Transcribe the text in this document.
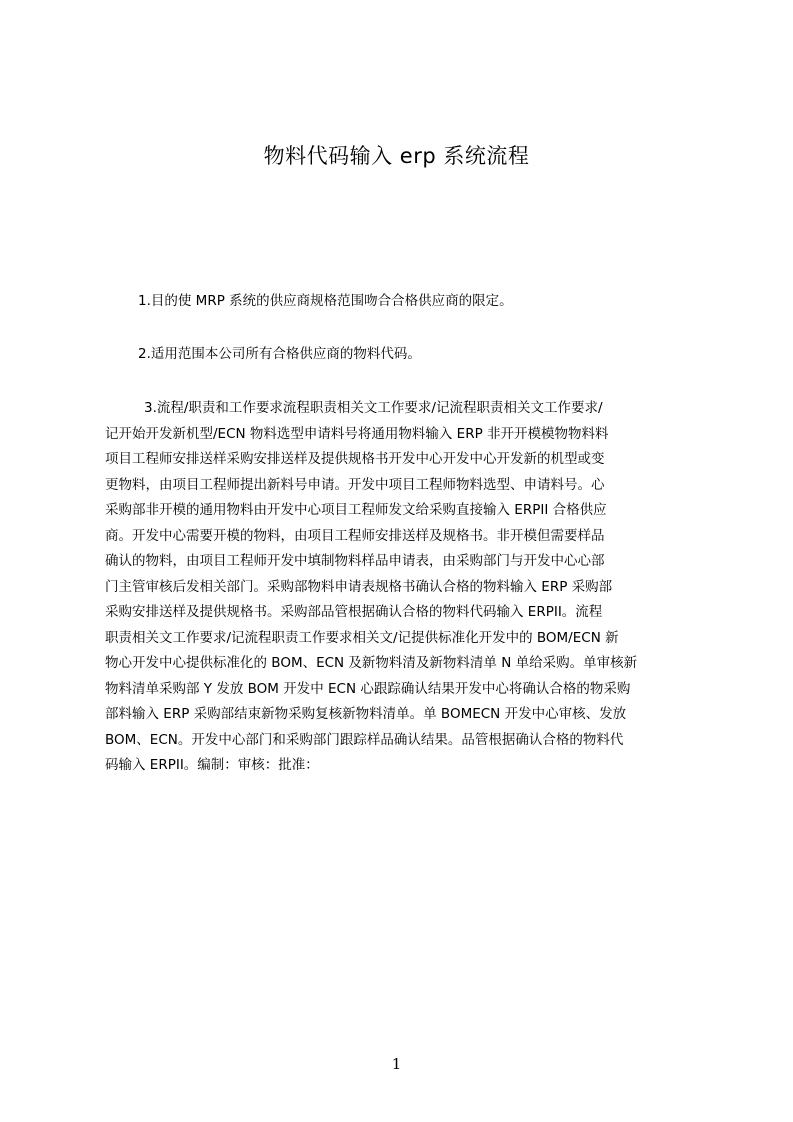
物料代码输入 erp 系统流程
1.目的使 MRP 系统的供应商规格范围吻合合格供应商的限定。
2.适用范围本公司所有合格供应商的物料代码。
3.流程/职责和工作要求流程职责相关文工作要求/记流程职责相关文工作要求/
记开始开发新机型/ECN 物料选型申请料号将通用物料输入 ERP 非开开模模物物料料
项目工程师安排送样采购安排送样及提供规格书开发中心开发中心开发新的机型或变
更物料，由项目工程师提出新料号申请。开发中项目工程师物料选型、申请料号。心
采购部非开模的通用物料由开发中心项目工程师发文给采购直接输入 ERPII 合格供应
商。开发中心需要开模的物料，由项目工程师安排送样及规格书。非开模但需要样品
确认的物料，由项目工程师开发中填制物料样品申请表，由采购部门与开发中心心部
门主管审核后发相关部门。采购部物料申请表规格书确认合格的物料输入 ERP 采购部
采购安排送样及提供规格书。采购部品管根据确认合格的物料代码输入 ERPII。流程
职责相关文工作要求/记流程职责工作要求相关文/记提供标准化开发中的 BOM/ECN 新
物心开发中心提供标准化的 BOM、ECN 及新物料清及新物料清单 N 单给采购。单审核新
物料清单采购部 Y 发放 BOM 开发中 ECN 心跟踪确认结果开发中心将确认合格的物采购
部料输入 ERP 采购部结束新物采购复核新物料清单。单 BOMECN 开发中心审核、发放
BOM、ECN。开发中心部门和采购部门跟踪样品确认结果。品管根据确认合格的物料代
码输入 ERPII。编制：审核：批准：
1
